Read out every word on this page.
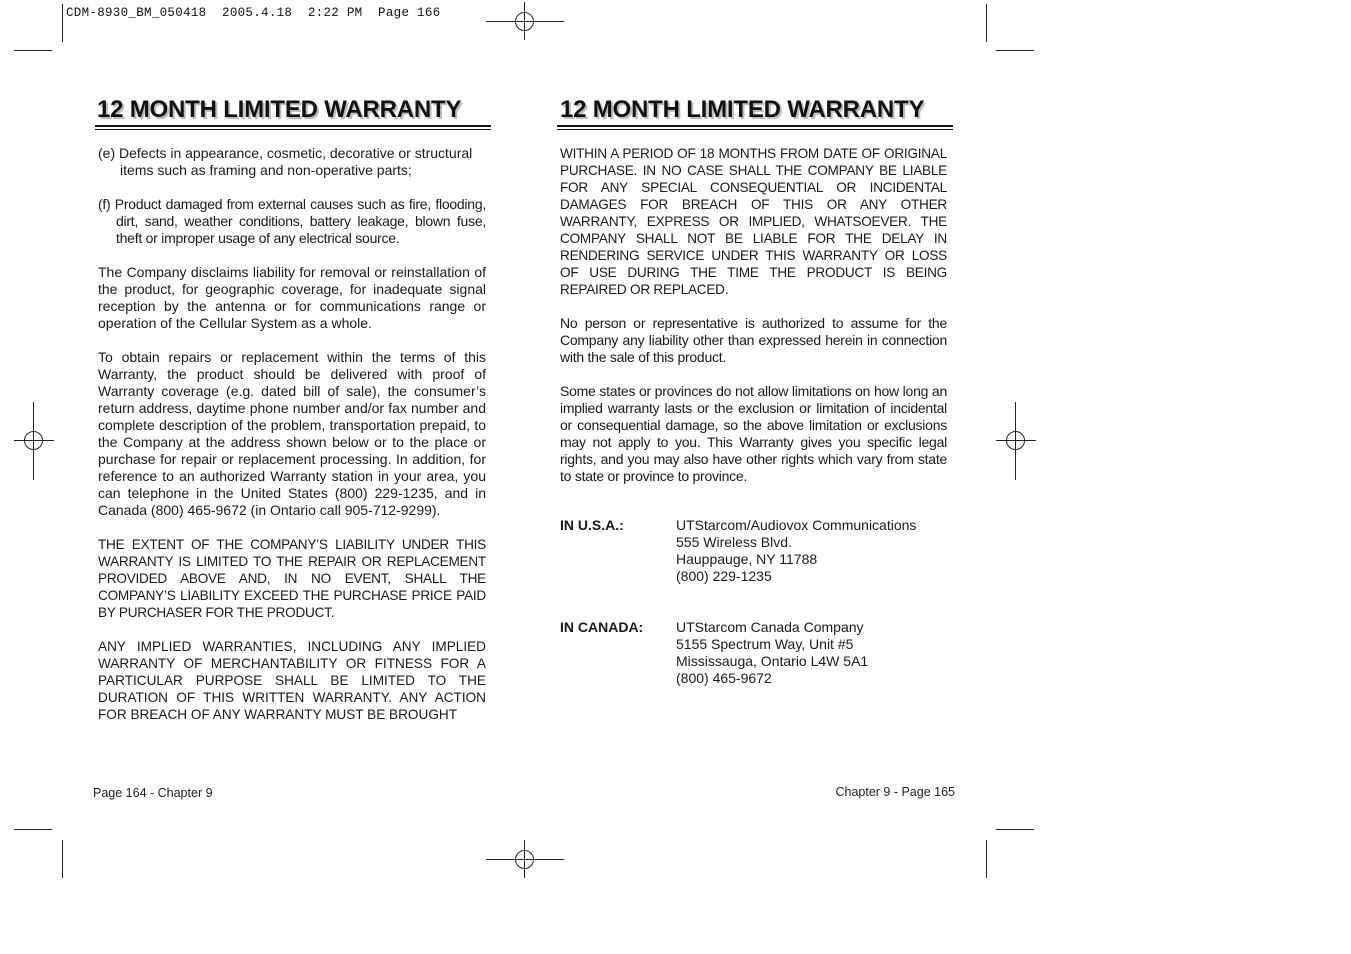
CDM-8930_BM_050418  2005.4.18  2:22 PM  Page 166
12 MONTH LIMITED WARRANTY

(e) Defects in appearance, cosmetic, decorative or structural items such as framing and non-operative parts;

(f) Product damaged from external causes such as fire, flooding, dirt, sand, weather conditions, battery leakage, blown fuse, theft or improper usage of any electrical source.

The Company disclaims liability for removal or reinstallation of the product, for geographic coverage, for inadequate signal reception by the antenna or for communications range or operation of the Cellular System as a whole.

To obtain repairs or replacement within the terms of this Warranty, the product should be delivered with proof of Warranty coverage (e.g. dated bill of sale), the consumer’s return address, daytime phone number and/or fax number and complete description of the problem, transportation prepaid, to the Company at the address shown below or to the place or purchase for repair or replacement processing. In addition, for reference to an authorized Warranty station in your area, you can telephone in the United States (800) 229-1235, and in Canada (800) 465-9672 (in Ontario call 905-712-9299).

THE EXTENT OF THE COMPANY’S LIABILITY UNDER THIS WARRANTY IS LIMITED TO THE REPAIR OR REPLACEMENT PROVIDED ABOVE AND, IN NO EVENT, SHALL THE COMPANY’S LIABILITY EXCEED THE PURCHASE PRICE PAID BY PURCHASER FOR THE PRODUCT.

ANY IMPLIED WARRANTIES, INCLUDING ANY IMPLIED WARRANTY OF MERCHANTABILITY OR FITNESS FOR A PARTICULAR PURPOSE SHALL BE LIMITED TO THE DURATION OF THIS WRITTEN WARRANTY. ANY ACTION FOR BREACH OF ANY WARRANTY MUST BE BROUGHT

Page 164 - Chapter 9
12 MONTH LIMITED WARRANTY

WITHIN A PERIOD OF 18 MONTHS FROM DATE OF ORIGINAL PURCHASE. IN NO CASE SHALL THE COMPANY BE LIABLE FOR ANY SPECIAL CONSEQUENTIAL OR INCIDENTAL DAMAGES FOR BREACH OF THIS OR ANY OTHER WARRANTY, EXPRESS OR IMPLIED, WHATSOEVER. THE COMPANY SHALL NOT BE LIABLE FOR THE DELAY IN RENDERING SERVICE UNDER THIS WARRANTY OR LOSS OF USE DURING THE TIME THE PRODUCT IS BEING REPAIRED OR REPLACED.

No person or representative is authorized to assume for the Company any liability other than expressed herein in connection with the sale of this product.

Some states or provinces do not allow limitations on how long an implied warranty lasts or the exclusion or limitation of incidental or consequential damage, so the above limitation or exclusions may not apply to you. This Warranty gives you specific legal rights, and you may also have other rights which vary from state to state or province to province.

IN U.S.A.:	UTStarcom/Audiovox Communications
555 Wireless Blvd.
Hauppauge, NY 11788
(800) 229-1235
IN CANADA: UTStarcom Canada Company
5155 Spectrum Way, Unit #5
Mississauga, Ontario L4W 5A1
(800) 465-9672
Chapter 9 - Page 165
